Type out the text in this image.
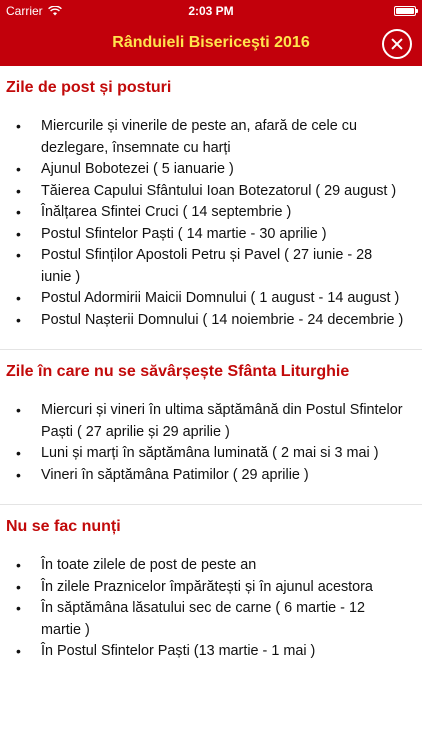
Carrier	2:03 PM
Rânduieli Bisericeşti 2016
Zile de post și posturi
• Miercurile și vinerile de peste an, afară de cele cu dezlegare, însemnate cu harți
• Ajunul Bobotezei ( 5 ianuarie )
• Tăierea Capului Sfântului Ioan Botezatorul ( 29 august )
• Înălțarea Sfintei Cruci ( 14 septembrie )
• Postul Sfintelor Paști ( 14 martie - 30 aprilie )
• Postul Sfinților Apostoli Petru și Pavel ( 27 iunie - 28 iunie )
• Postul Adormirii Maicii Domnului ( 1 august - 14 august )
• Postul Nașterii Domnului ( 14 noiembrie - 24 decembrie )
Zile în care nu se săvârșește Sfânta Liturghie
• Miercuri și vineri în ultima săptămână din Postul Sfintelor Paști ( 27 aprilie și 29 aprilie )
• Luni și marți în săptămâna luminată ( 2 mai si 3 mai )
• Vineri în săptămâna Patimilor ( 29 aprilie )
Nu se fac nunți
• În toate zilele de post de peste an
• În zilele Praznicelor împărătești și în ajunul acestora
• În săptămâna lăsatului sec de carne ( 6 martie - 12 martie )
• În Postul Sfintelor Paști (13 martie - 1 mai )
